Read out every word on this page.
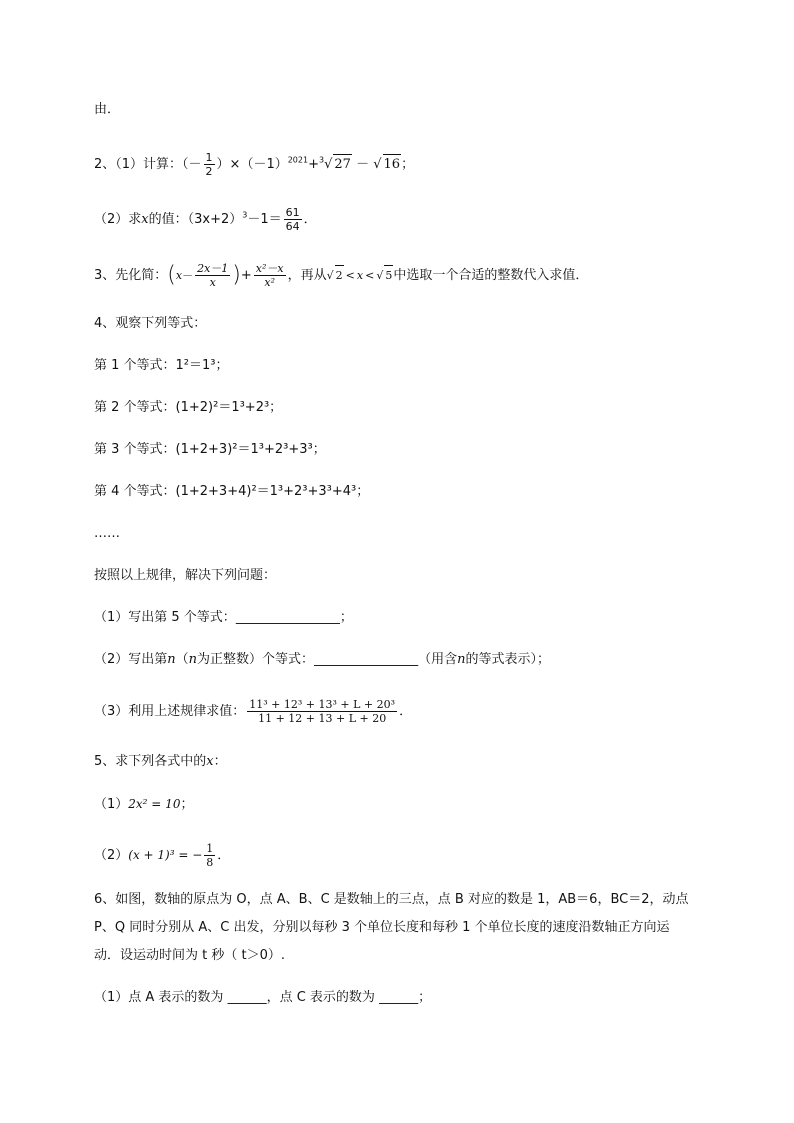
由．
2、（1）计算：（－ $\frac{1}{2} )\times(-1)^{2021}+^3√$ 27 － √ 16；
（2）求x的值：$(3x+2)^3-1= \frac{61}{64}$ ．
3、先化简：($x- \frac{2x-1}{x}$ )+ $\frac{\text{x²－x}}{\text{x²}}$ ，再从√ 2 < x < √ 5中选取一个合适的整数代入求值．
4、观察下列等式：
第 1 个等式：1²＝1³；
第 2 个等式：(1+2)²＝1³+2³；
第 3 个等式：(1+2+3)²＝1³+2³+3³；
第 4 个等式：(1+2+3+4)²＝1³+2³+3³+4³；
……
按照以上规律，解决下列问题：
（1）写出第 5 个等式：________________；
（2）写出第n（n为正整数）个等式：________________（用含n的等式表示）；
（3）利用上述规律求值： $\frac{\text{11³ + 12³ + 13³ + L + 20³}}{11 + 12 + 13 + L + 20}$ ．
5、求下列各式中的x：
（1）2x² = 10；
（2）(x + 1)³ = − $\frac{1}{8}$ ．
6、如图，数轴的原点为 O，点 A、B、C 是数轴上的三点，点 B 对应的数是 1，AB＝6，BC＝2，动点
P、Q 同时分别从 A、C 出发，分别以每秒 3 个单位长度和每秒 1 个单位长度的速度沿数轴正方向运
动．设运动时间为 t 秒（ t＞0）.
（1）点 A 表示的数为 ______，点 C 表示的数为 ______；
